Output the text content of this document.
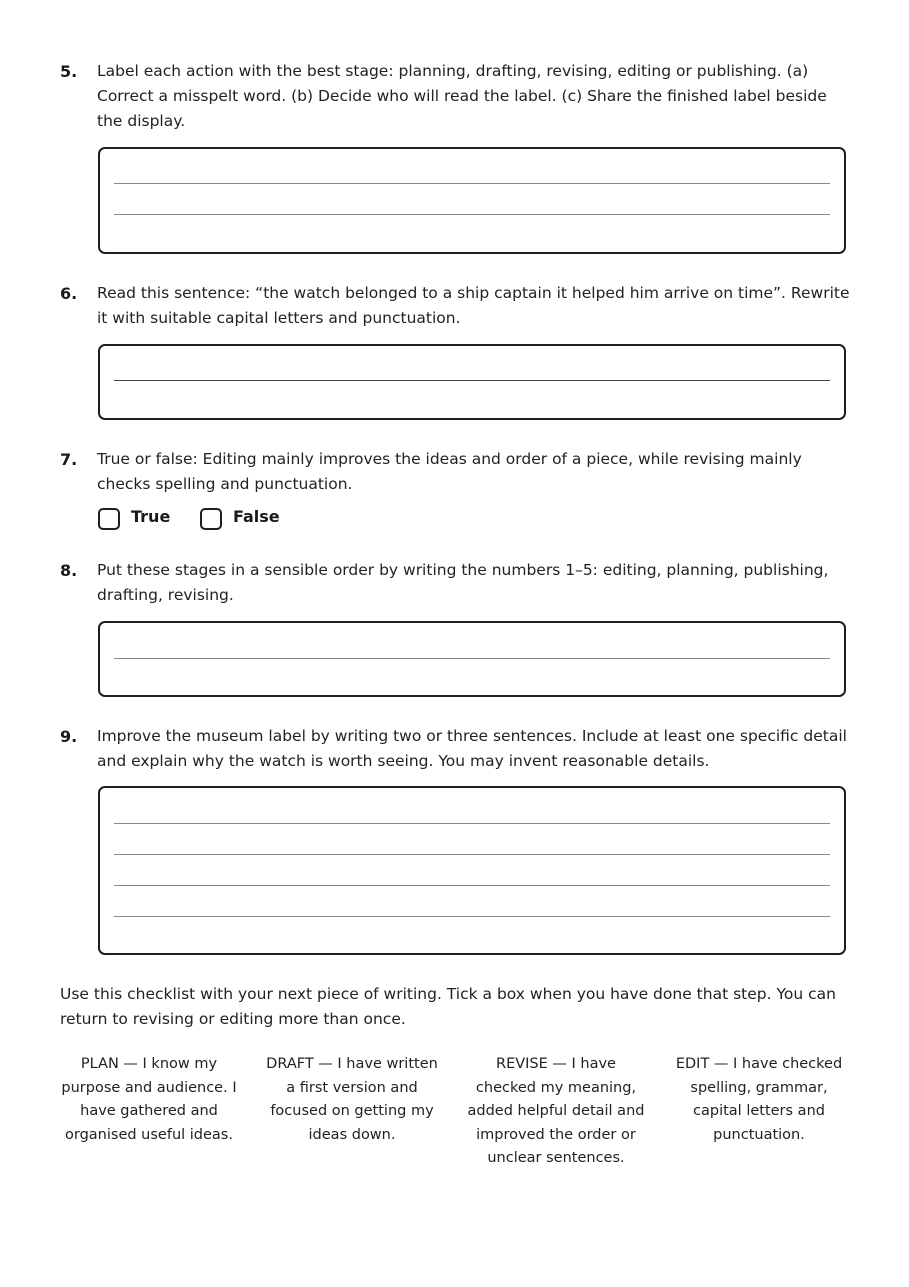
5. Label each action with the best stage: planning, drafting, revising, editing or publishing. (a) Correct a misspelt word. (b) Decide who will read the label. (c) Share the finished label beside the display.
6. Read this sentence: “the watch belonged to a ship captain it helped him arrive on time”. Rewrite it with suitable capital letters and punctuation.
7. True or false: Editing mainly improves the ideas and order of a piece, while revising mainly checks spelling and punctuation.
True	False
8. Put these stages in a sensible order by writing the numbers 1–5: editing, planning, publishing, drafting, revising.
9. Improve the museum label by writing two or three sentences. Include at least one specific detail and explain why the watch is worth seeing. You may invent reasonable details.
Use this checklist with your next piece of writing. Tick a box when you have done that step. You can return to revising or editing more than once.
PLAN — I know my purpose and audience. I have gathered and organised useful ideas.
DRAFT — I have written a first version and focused on getting my ideas down.
REVISE — I have checked my meaning, added helpful detail and improved the order or unclear sentences.
EDIT — I have checked spelling, grammar, capital letters and punctuation.
